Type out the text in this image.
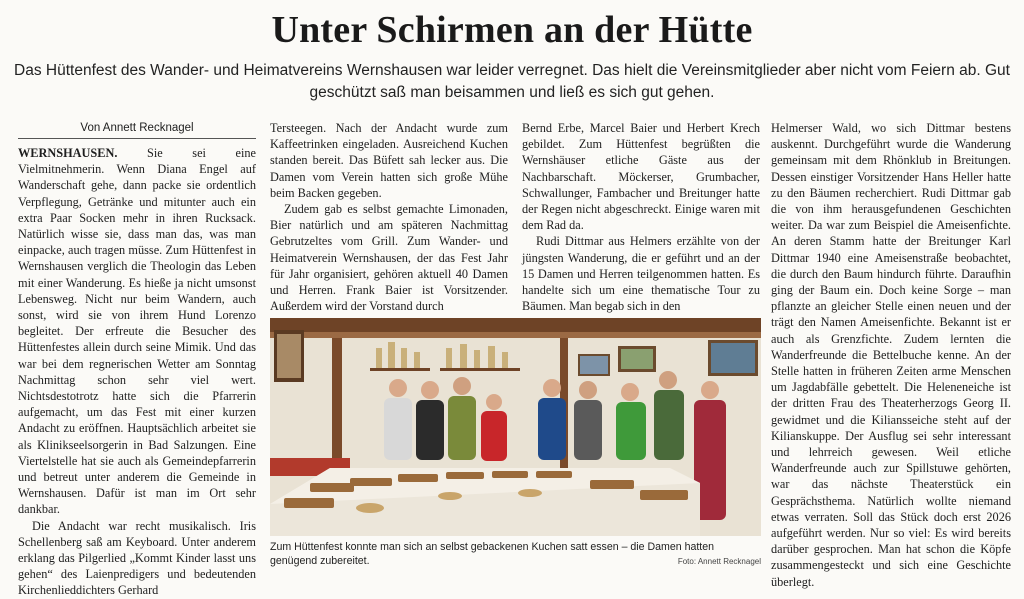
Unter Schirmen an der Hütte
Das Hüttenfest des Wander- und Heimatvereins Wernshausen war leider verregnet. Das hielt die Vereinsmitglieder aber nicht vom Feiern ab. Gut geschützt saß man beisammen und ließ es sich gut gehen.
Von Annett Recknagel

WERNSHAUSEN. Sie sei eine Vielmitnehmerin. Wenn Diana Engel auf Wanderschaft gehe, dann packe sie ordentlich Verpflegung, Getränke und mitunter auch ein extra Paar Socken mehr in ihren Rucksack. Natürlich wisse sie, dass man das, was man einpacke, auch tragen müsse. Zum Hüttenfest in Wernshausen verglich die Theologin das Leben mit einer Wanderung. Es hieße ja nicht umsonst Lebensweg. Nicht nur beim Wandern, auch sonst, wird sie von ihrem Hund Lorenzo begleitet. Der erfreute die Besucher des Hüttenfestes allein durch seine Mimik. Und das war bei dem regnerischen Wetter am Sonntag Nachmittag schon sehr viel wert. Nichtsdestotrotz hatte sich die Pfarrerin aufgemacht, um das Fest mit einer kurzen Andacht zu eröffnen. Hauptsächlich arbeitet sie als Klinikseelsorgerin in Bad Salzungen. Eine Viertelstelle hat sie auch als Gemeindepfarrerin und betreut unter anderem die Gemeinde in Wernshausen. Dafür ist man im Ort sehr dankbar.

Die Andacht war recht musikalisch. Iris Schellenberg saß am Keyboard. Unter anderem erklang das Pilgerlied „Kommt Kinder lasst uns gehen“ des Laienpredigers und bedeutenden Kirchenlieddichters Gerhard

Tersteegen. Nach der Andacht wurde zum Kaffeetrinken eingeladen. Ausreichend Kuchen standen bereit. Das Büfett sah lecker aus. Die Damen vom Verein hatten sich große Mühe beim Backen gegeben.

Zudem gab es selbst gemachte Limonaden, Bier natürlich und am späteren Nachmittag Gebrutzeltes vom Grill. Zum Wander- und Heimatverein Wernshausen, der das Fest Jahr für Jahr organisiert, gehören aktuell 40 Damen und Herren. Frank Baier ist Vorsitzender. Außerdem wird der Vorstand durch

Bernd Erbe, Marcel Baier und Herbert Krech gebildet. Zum Hüttenfest begrüßten die Wernshäuser etliche Gäste aus der Nachbarschaft. Möckerser, Grumbacher, Schwallunger, Fambacher und Breitunger hatte der Regen nicht abgeschreckt. Einige waren mit dem Rad da.

Rudi Dittmar aus Helmers erzählte von der jüngsten Wanderung, die er geführt und an der 15 Damen und Herren teilgenommen hatten. Es handelte sich um eine thematische Tour zu Bäumen. Man begab sich in den

Helmerser Wald, wo sich Dittmar bestens auskennt. Durchgeführt wurde die Wanderung gemeinsam mit dem Rhönklub in Breitungen. Dessen einstiger Vorsitzender Hans Heller hatte zu den Bäumen recherchiert. Rudi Dittmar gab die von ihm herausgefundenen Geschichten weiter. Da war zum Beispiel die Ameisenfichte. An deren Stamm hatte der Breitunger Karl Dittmar 1940 eine Ameisenstraße beobachtet, die durch den Baum hindurch führte. Daraufhin ging der Baum ein. Doch keine Sorge – man pflanzte an gleicher Stelle einen neuen und der trägt den Namen Ameisenfichte. Bekannt ist er auch als Grenzfichte. Zudem lernten die Wanderfreunde die Bettelbuche kenne. An der Stelle hatten in früheren Zeiten arme Menschen um Jagdabfälle gebettelt. Die Heleneneiche ist der dritten Frau des Theaterherzogs Georg II. gewidmet und die Kiliansseiche steht auf der Kilianskuppe. Der Ausflug sei sehr interessant und lehrreich gewesen. Weil etliche Wanderfreunde auch zur Spillstuwe gehörten, war das nächste Theaterstück ein Gesprächsthema. Natürlich wollte niemand etwas verraten. Soll das Stück doch erst 2026 aufgeführt werden. Nur so viel: Es wird bereits darüber gesprochen. Man hat schon die Köpfe zusammengesteckt und sich eine Geschichte überlegt.

Zum Hüttenfest konnte man sich an selbst gebackenen Kuchen satt essen – die Damen hatten genügend zubereitet.	Foto: Annett Recknagel
